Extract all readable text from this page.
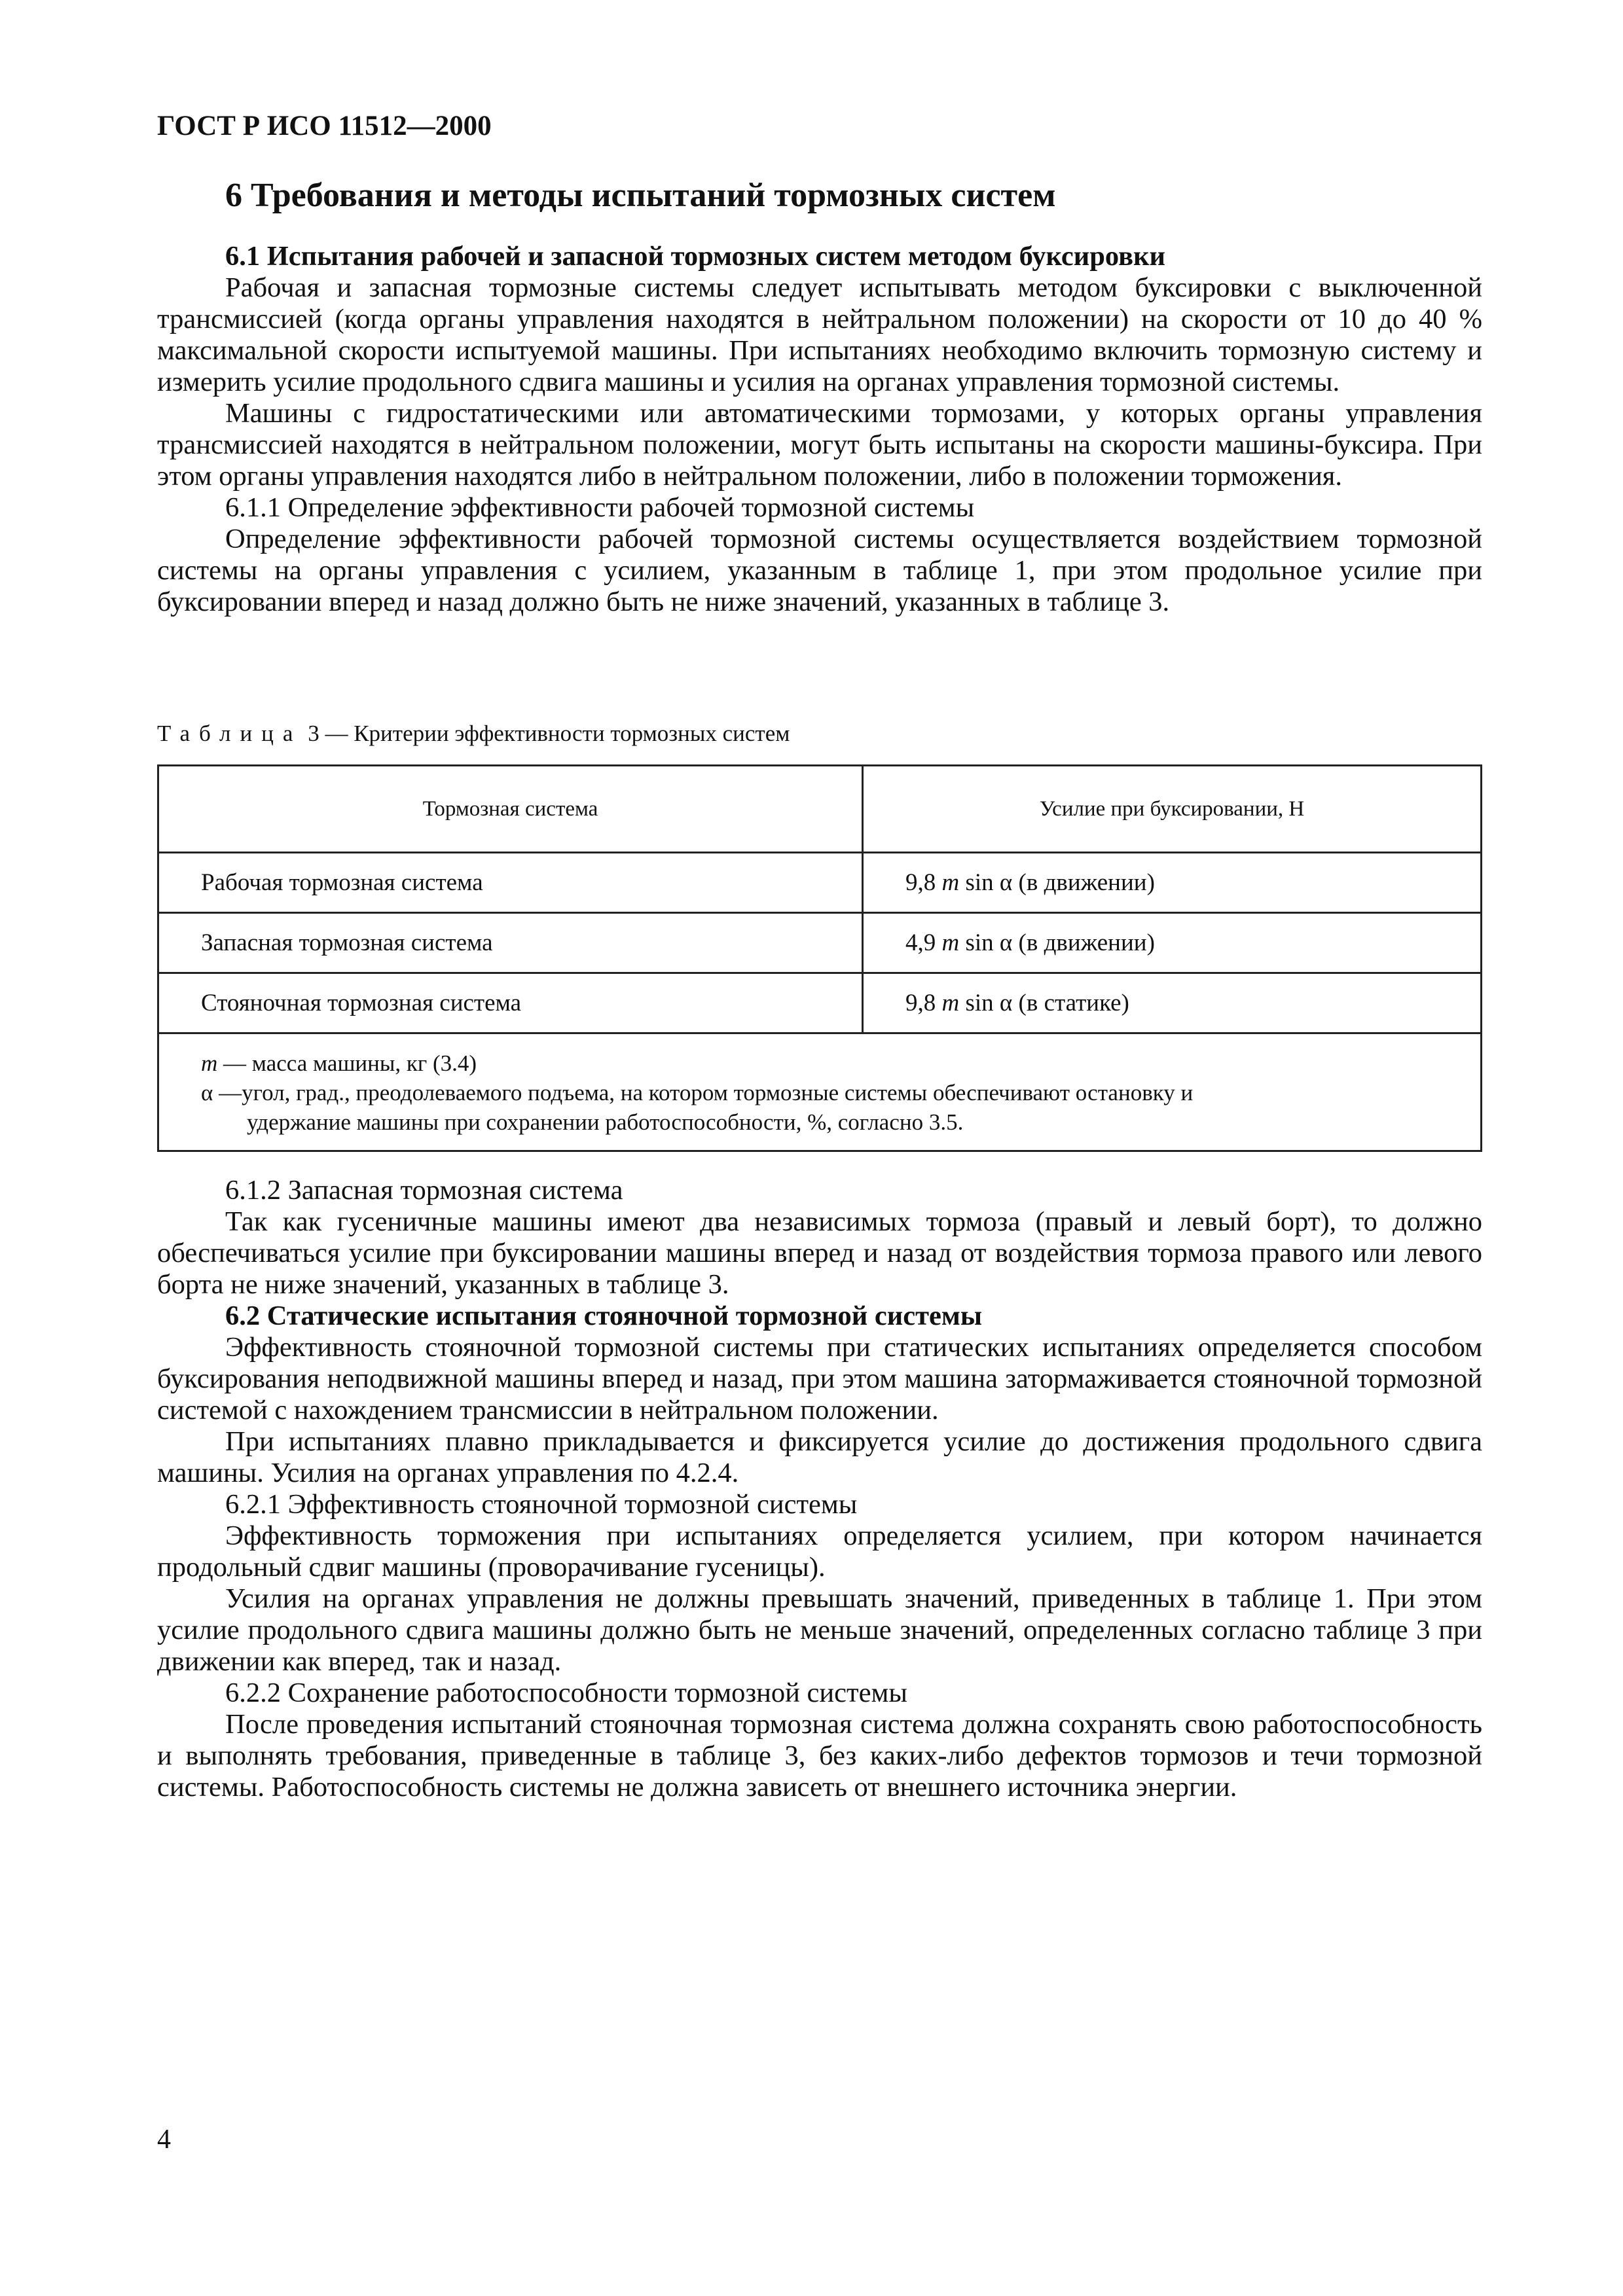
ГОСТ Р ИСО 11512—2000
6 Требования и методы испытаний тормозных систем

6.1 Испытания рабочей и запасной тормозных систем методом буксировки

Рабочая и запасная тормозные системы следует испытывать методом буксировки с выключенной трансмиссией (когда органы управления находятся в нейтральном положении) на скорости от 10 до 40 % максимальной скорости испытуемой машины. При испытаниях необходимо включить тормозную систему и измерить усилие продольного сдвига машины и усилия на органах управления тормозной системы.

Машины с гидростатическими или автоматическими тормозами, у которых органы управления трансмиссией находятся в нейтральном положении, могут быть испытаны на скорости машины-буксира. При этом органы управления находятся либо в нейтральном положении, либо в положении торможения.

6.1.1 Определение эффективности рабочей тормозной системы

Определение эффективности рабочей тормозной системы осуществляется воздействием тормозной системы на органы управления с усилием, указанным в таблице 1, при этом продольное усилие при буксировании вперед и назад должно быть не ниже значений, указанных в таблице 3.

Таблица 3 — Критерии эффективности тормозных систем
Тормозная система	Усилие при буксировании, Н
Рабочая тормозная система	9,8 m sin α (в движении)
Запасная тормозная система	4,9 m sin α (в движении)
Стояночная тормозная система	9,8 m sin α (в статике)

m — масса машины, кг (3.4)
α —угол, град., преодолеваемого подъема, на котором тормозные системы обеспечивают остановку и
удержание машины при сохранении работоспособности, %, согласно 3.5.	

6.1.2 Запасная тормозная система

Так как гусеничные машины имеют два независимых тормоза (правый и левый борт), то должно обеспечиваться усилие при буксировании машины вперед и назад от воздействия тормоза правого или левого борта не ниже значений, указанных в таблице 3.

6.2 Статические испытания стояночной тормозной системы

Эффективность стояночной тормозной системы при статических испытаниях определяется способом буксирования неподвижной машины вперед и назад, при этом машина затормаживается стояночной тормозной системой с нахождением трансмиссии в нейтральном положении.

При испытаниях плавно прикладывается и фиксируется усилие до достижения продольного сдвига машины. Усилия на органах управления по 4.2.4.

6.2.1 Эффективность стояночной тормозной системы

Эффективность торможения при испытаниях определяется усилием, при котором начинается продольный сдвиг машины (проворачивание гусеницы).

Усилия на органах управления не должны превышать значений, приведенных в таблице 1. При этом усилие продольного сдвига машины должно быть не меньше значений, определенных согласно таблице 3 при движении как вперед, так и назад.

6.2.2 Сохранение работоспособности тормозной системы

После проведения испытаний стояночная тормозная система должна сохранять свою работоспособность и выполнять требования, приведенные в таблице 3, без каких-либо дефектов тормозов и течи тормозной системы. Работоспособность системы не должна зависеть от внешнего источника энергии.

4
